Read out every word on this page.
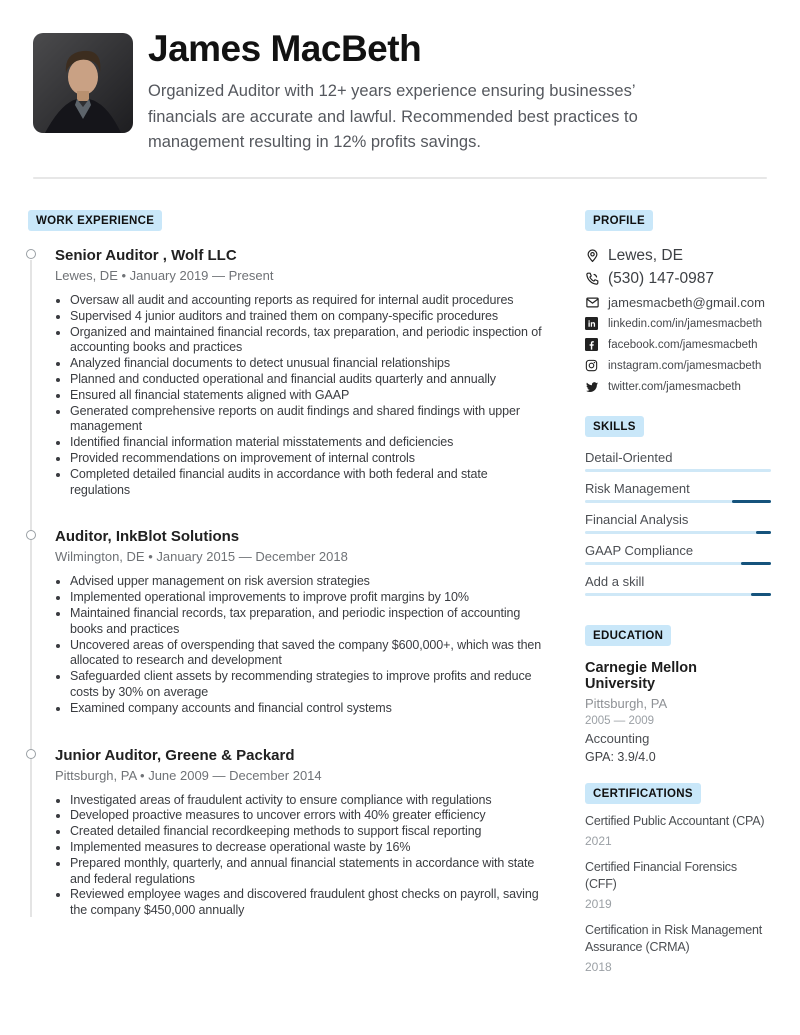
James MacBeth
Organized Auditor with 12+ years experience ensuring businesses’ financials are accurate and lawful. Recommended best practices to management resulting in 12% profits savings.
WORK EXPERIENCE
Senior Auditor , Wolf LLC
Lewes, DE • January 2019 — Present
• Oversaw all audit and accounting reports as required for internal audit procedures
• Supervised 4 junior auditors and trained them on company-specific procedures
• Organized and maintained financial records, tax preparation, and periodic inspection of accounting books and practices
• Analyzed financial documents to detect unusual financial relationships
• Planned and conducted operational and financial audits quarterly and annually
• Ensured all financial statements aligned with GAAP
• Generated comprehensive reports on audit findings and shared findings with upper management
• Identified financial information material misstatements and deficiencies
• Provided recommendations on improvement of internal controls
• Completed detailed financial audits in accordance with both federal and state regulations
Auditor, InkBlot Solutions
Wilmington, DE • January 2015 — December 2018
• Advised upper management on risk aversion strategies
• Implemented operational improvements to improve profit margins by 10%
• Maintained financial records, tax preparation, and periodic inspection of accounting books and practices
• Uncovered areas of overspending that saved the company $600,000+, which was then allocated to research and development
• Safeguarded client assets by recommending strategies to improve profits and reduce costs by 30% on average
• Examined company accounts and financial control systems
Junior Auditor, Greene & Packard
Pittsburgh, PA • June 2009 — December 2014
• Investigated areas of fraudulent activity to ensure compliance with regulations
• Developed proactive measures to uncover errors with 40% greater efficiency
• Created detailed financial recordkeeping methods to support fiscal reporting
• Implemented measures to decrease operational waste by 16%
• Prepared monthly, quarterly, and annual financial statements in accordance with state and federal regulations
• Reviewed employee wages and discovered fraudulent ghost checks on payroll, saving the company $450,000 annually
PROFILE
Lewes, DE
(530) 147-0987
jamesmacbeth@gmail.com
linkedin.com/in/jamesmacbeth
facebook.com/jamesmacbeth
instagram.com/jamesmacbeth
twitter.com/jamesmacbeth
SKILLS
Detail-Oriented
Risk Management
Financial Analysis
GAAP Compliance
Add a skill
EDUCATION
Carnegie Mellon University
Pittsburgh, PA
2005 — 2009
Accounting
GPA: 3.9/4.0
CERTIFICATIONS
Certified Public Accountant (CPA)
2021
Certified Financial Forensics (CFF)
2019
Certification in Risk Management Assurance (CRMA)
2018
